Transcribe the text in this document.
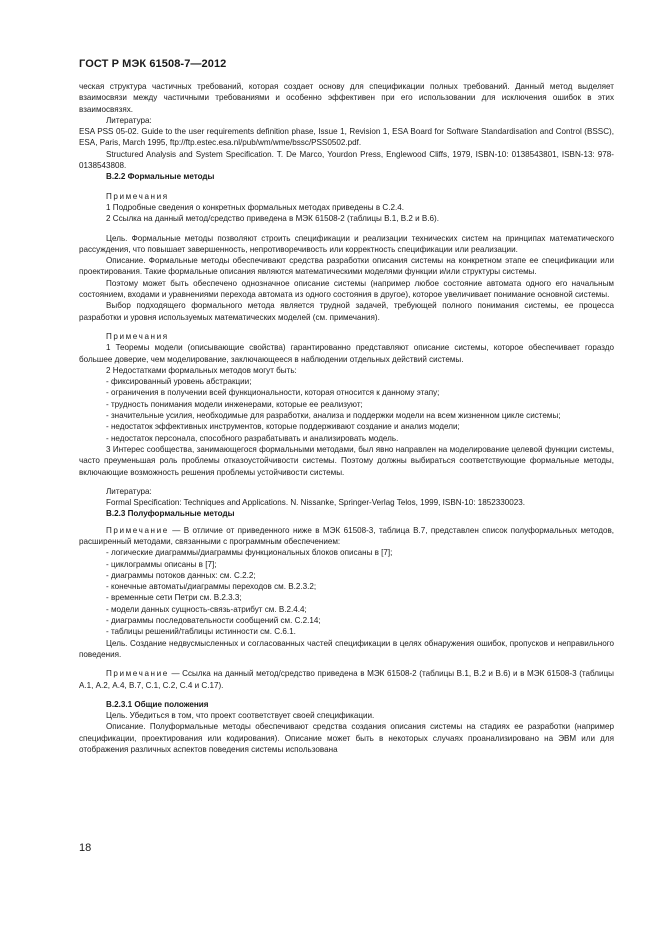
ГОСТ Р МЭК 61508-7—2012

ческая структура частичных требований, которая создает основу для спецификации полных требований. Данный метод выделяет взаимосвязи между частичными требованиями и особенно эффективен при его использовании для исключения ошибок в этих взаимосвязях.

Литература:

ESA PSS 05-02. Guide to the user requirements definition phase, Issue 1, Revision 1, ESA Board for Software Standardisation and Control (BSSC), ESA, Paris, March 1995, ftp://ftp.estec.esa.nl/pub/wm/wme/bssc/PSS0502.pdf.

Structured Analysis and System Specification. T. De Marco, Yourdon Press, Englewood Cliffs, 1979, ISBN-10: 0138543801, ISBN-13: 978-0138543808.

В.2.2 Формальные методы

Примечания

1 Подробные сведения о конкретных формальных методах приведены в С.2.4.

2 Ссылка на данный метод/средство приведена в МЭК 61508-2 (таблицы В.1, В.2 и В.6).

Цель. Формальные методы позволяют строить спецификации и реализации технических систем на принципах математического рассуждения, что повышает завершенность, непротиворечивость или корректность спецификации или реализации.

Описание. Формальные методы обеспечивают средства разработки описания системы на конкретном этапе ее спецификации или проектирования. Такие формальные описания являются математическими моделями функции и/или структуры системы.

Поэтому может быть обеспечено однозначное описание системы (например любое состояние автомата одного его начальным состоянием, входами и уравнениями перехода автомата из одного состояния в другое), которое увеличивает понимание основной системы.

Выбор подходящего формального метода является трудной задачей, требующей полного понимания системы, ее процесса разработки и уровня используемых математических моделей (см. примечания).

Примечания

1 Теоремы модели (описывающие свойства) гарантированно представляют описание системы, которое обеспечивает гораздо большее доверие, чем моделирование, заключающееся в наблюдении отдельных действий системы.

2 Недостатками формальных методов могут быть:

- фиксированный уровень абстракции;

- ограничения в получении всей функциональности, которая относится к данному этапу;

- трудность понимания модели инженерами, которые ее реализуют;

- значительные усилия, необходимые для разработки, анализа и поддержки модели на всем жизненном цикле системы;

- недостаток эффективных инструментов, которые поддерживают создание и анализ модели;

- недостаток персонала, способного разрабатывать и анализировать модель.

3 Интерес сообщества, занимающегося формальными методами, был явно направлен на моделирование целевой функции системы, часто преуменьшая роль проблемы отказоустойчивости системы. Поэтому должны выбираться соответствующие формальные методы, включающие возможность решения проблемы устойчивости системы.

Литература:

Formal Specification: Techniques and Applications. N. Nissanke, Springer-Verlag Telos, 1999, ISBN-10: 1852330023.

В.2.3 Полуформальные методы

Примечание — В отличие от приведенного ниже в МЭК 61508-3, таблица В.7, представлен список полуформальных методов, расширенный методами, связанными с программным обеспечением:

- логические диаграммы/диаграммы функциональных блоков описаны в [7];

- циклограммы описаны в [7];

- диаграммы потоков данных: см. С.2.2;

- конечные автоматы/диаграммы переходов см. В.2.3.2;

- временные сети Петри см. В.2.3.3;

- модели данных сущность-связь-атрибут см. В.2.4.4;

- диаграммы последовательности сообщений см. С.2.14;

- таблицы решений/таблицы истинности см. С.6.1.

Цель. Создание недвусмысленных и согласованных частей спецификации в целях обнаружения ошибок, пропусков и неправильного поведения.

Примечание — Ссылка на данный метод/средство приведена в МЭК 61508-2 (таблицы В.1, В.2 и В.6) и в МЭК 61508-3 (таблицы А.1, А.2, А.4, В.7, С.1, С.2, С.4 и С.17).

В.2.3.1 Общие положения

Цель. Убедиться в том, что проект соответствует своей спецификации.

Описание. Полуформальные методы обеспечивают средства создания описания системы на стадиях ее разработки (например спецификации, проектирования или кодирования). Описание может быть в некоторых случаях проанализировано на ЭВМ или для отображения различных аспектов поведения системы использована

18
